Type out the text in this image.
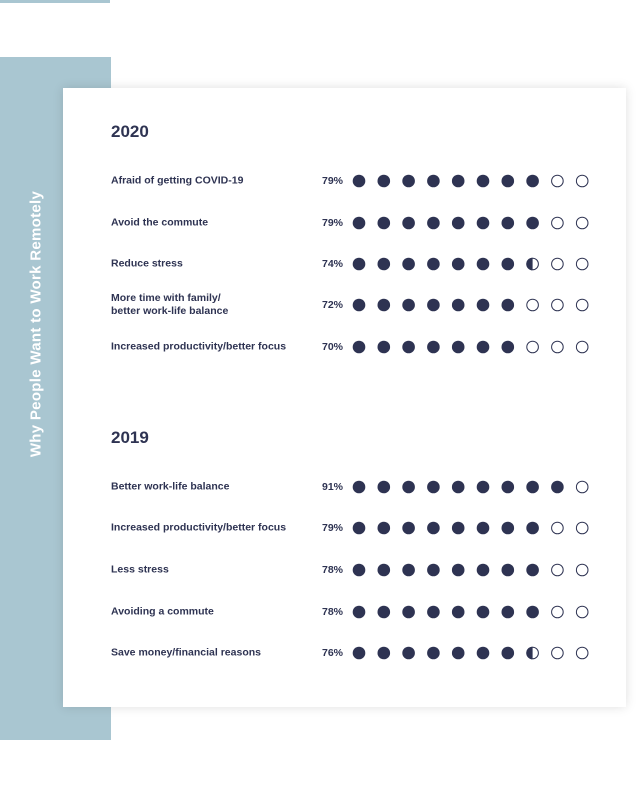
Why People Want to Work Remotely
2020
2019
Afraid of getting COVID-19	79%
Avoid the commute	79%
Reduce stress	74%
More time with family/
better work-life balance	72%
Increased productivity/better focus	70%
Better work-life balance	91%
Increased productivity/better focus	79%
Less stress	78%
Avoiding a commute	78%
Save money/financial reasons	76%
